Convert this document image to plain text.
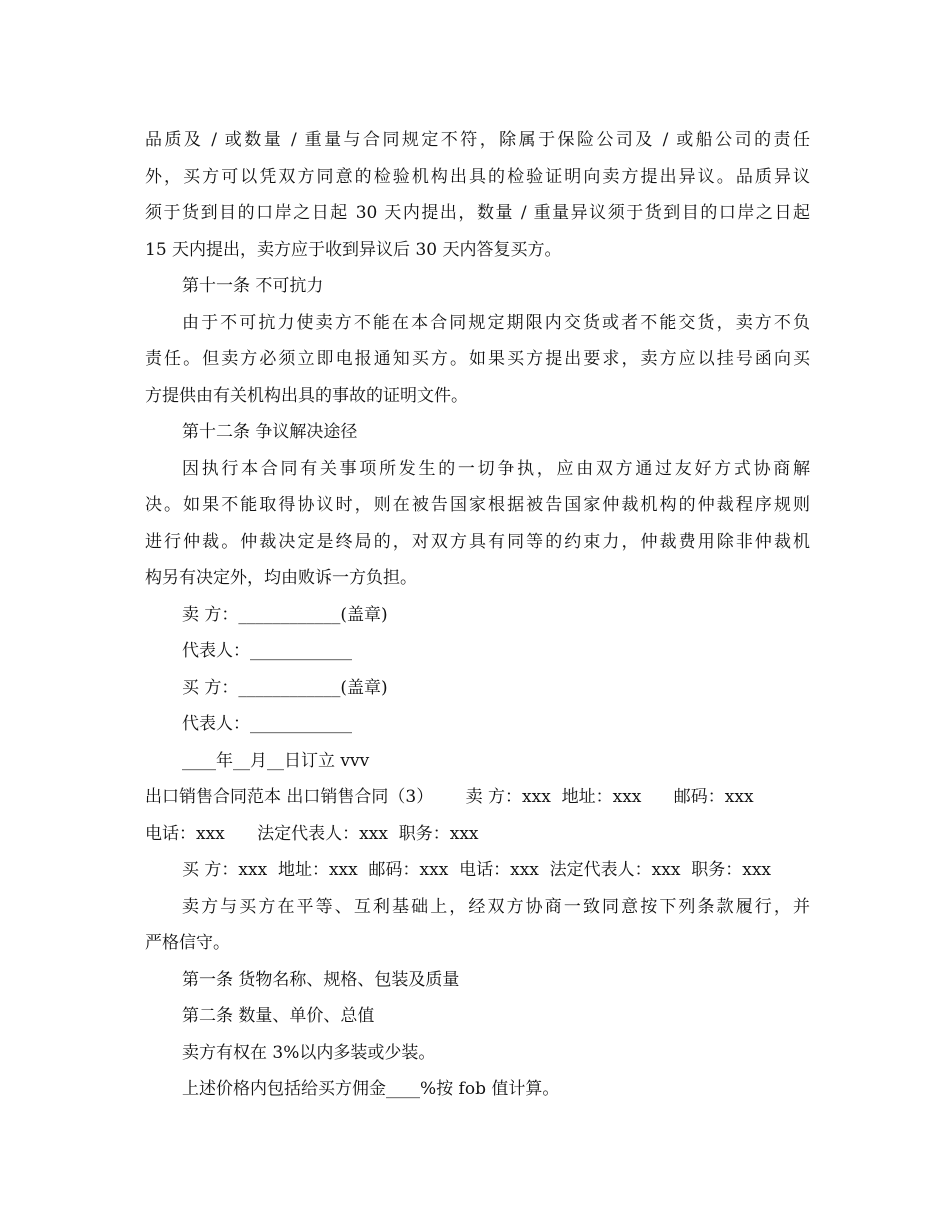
品质及 / 或数量 / 重量与合同规定不符，除属于保险公司及 / 或船公司的责任
外，买方可以凭双方同意的检验机构出具的检验证明向卖方提出异议。品质异议
须于货到目的口岸之日起 30 天内提出，数量 / 重量异议须于货到目的口岸之日起
15 天内提出，卖方应于收到异议后 30 天内答复买方。
第十一条 不可抗力
由于不可抗力使卖方不能在本合同规定期限内交货或者不能交货，卖方不负
责任。但卖方必须立即电报通知买方。如果买方提出要求，卖方应以挂号函向买
方提供由有关机构出具的事故的证明文件。
第十二条 争议解决途径
因执行本合同有关事项所发生的一切争执，应由双方通过友好方式协商解
决。如果不能取得协议时，则在被告国家根据被告国家仲裁机构的仲裁程序规则
进行仲裁。仲裁决定是终局的，对双方具有同等的约束力，仲裁费用除非仲裁机
构另有决定外，均由败诉一方负担。
卖 方：____________(盖章)
代表人：____________
买 方：____________(盖章)
代表人：____________
____年__月__日订立 vvv
出口销售合同范本 出口销售合同（3）      卖 方：xxx  地址：xxx      邮码：xxx
电话：xxx      法定代表人：xxx  职务：xxx
买 方：xxx  地址：xxx  邮码：xxx  电话：xxx  法定代表人：xxx  职务：xxx
卖方与买方在平等、互利基础上，经双方协商一致同意按下列条款履行，并
严格信守。
第一条 货物名称、规格、包装及质量
第二条 数量、单价、总值
卖方有权在 3%以内多装或少装。
上述价格内包括给买方佣金____%按 fob 值计算。
